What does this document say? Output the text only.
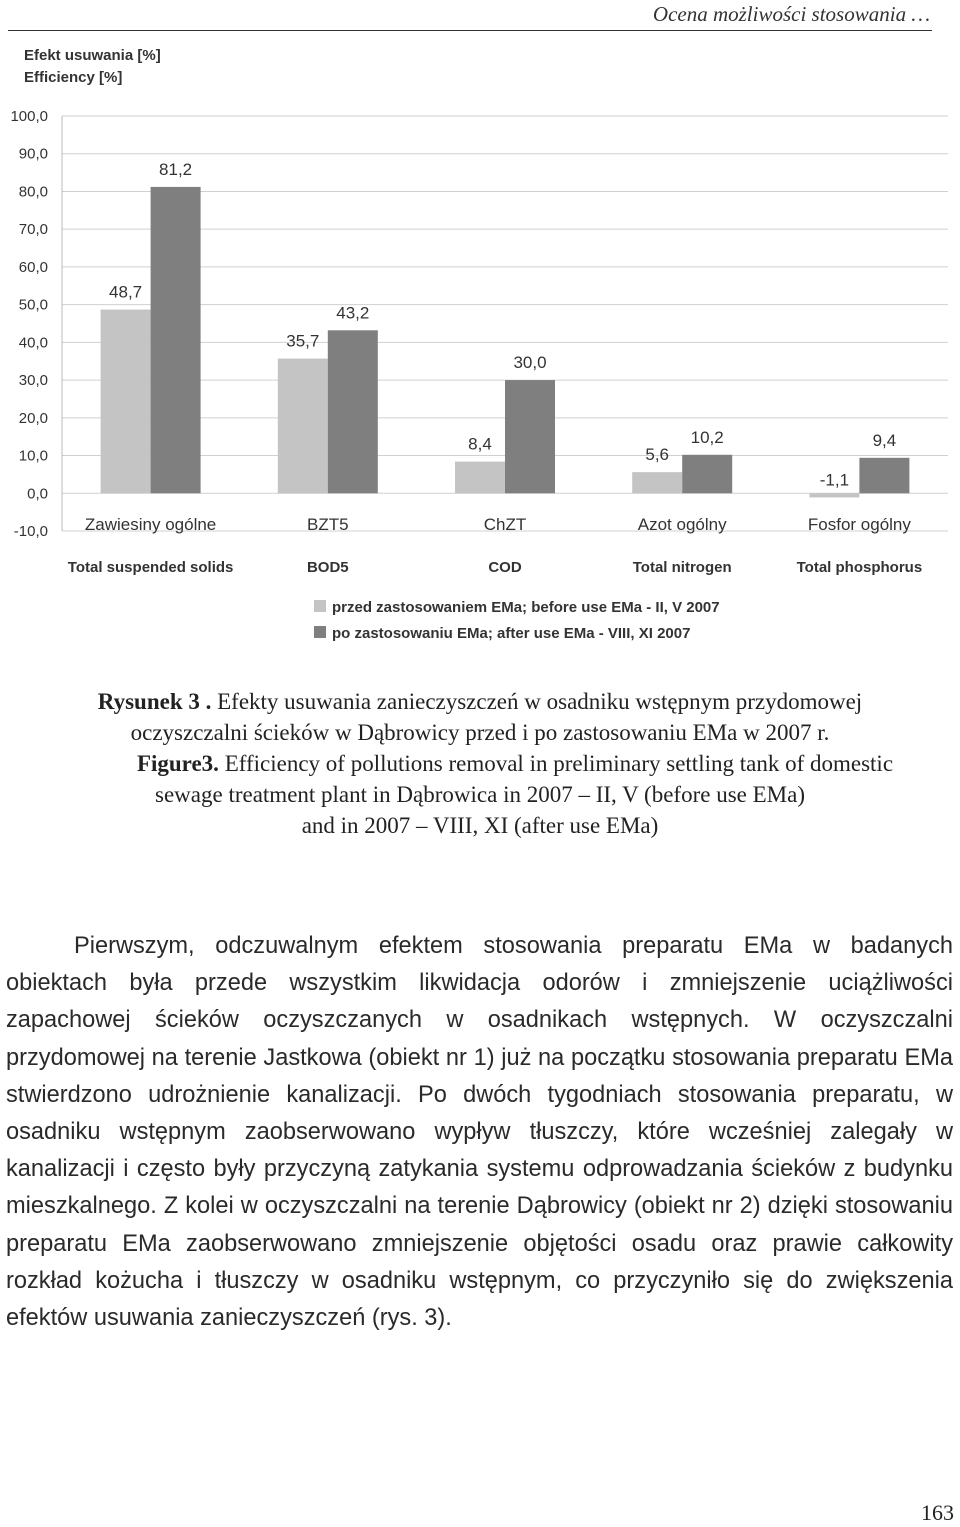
Ocena możliwości stosowania …
Efekt usuwania [%]
Efficiency [%]
100,0
90,0
80,0
70,0
60,0
50,0
40,0
30,0
20,0
10,0
0,0
-10,0
48,7
81,2
Zawiesiny ogólne
Total suspended solids
35,7
43,2
BZT5
BOD5
8,4
30,0
ChZT
COD
5,6
10,2
Azot ogólny
Total nitrogen
-1,1
9,4
Fosfor ogólny
Total phosphorus
przed zastosowaniem EMa; before use EMa - II, V 2007
po zastosowaniu EMa; after use EMa - VIII, XI 2007
Rysunek 3 . Efekty usuwania zanieczyszczeń w osadniku wstępnym przydomowej
oczyszczalni ścieków w Dąbrowicy przed i po zastosowaniu EMa w 2007 r.
Figure3. Efficiency of pollutions removal in preliminary settling tank of domestic
sewage treatment plant in Dąbrowica in 2007 – II, V (before use EMa)
and in 2007 – VIII, XI (after use EMa)

Pierwszym, odczuwalnym efektem stosowania preparatu EMa w badanych obiektach była przede wszystkim likwidacja odorów i zmniejszenie uciążliwości zapachowej ścieków oczyszczanych w osadnikach wstępnych. W oczyszczalni przydomowej na terenie Jastkowa (obiekt nr 1) już na początku stosowania preparatu EMa stwierdzono udrożnienie kanalizacji. Po dwóch tygodniach stosowania preparatu, w osadniku wstępnym zaobserwowano wypływ tłuszczy, które wcześniej zalegały w kanalizacji i często były przyczyną zatykania systemu odprowadzania ścieków z budynku mieszkalnego. Z kolei w oczyszczalni na terenie Dąbrowicy (obiekt nr 2) dzięki stosowaniu preparatu EMa zaobserwowano zmniejszenie objętości osadu oraz prawie całkowity rozkład kożucha i tłuszczy w osadniku wstępnym, co przyczyniło się do zwiększenia efektów usuwania zanieczyszczeń (rys. 3).

163
